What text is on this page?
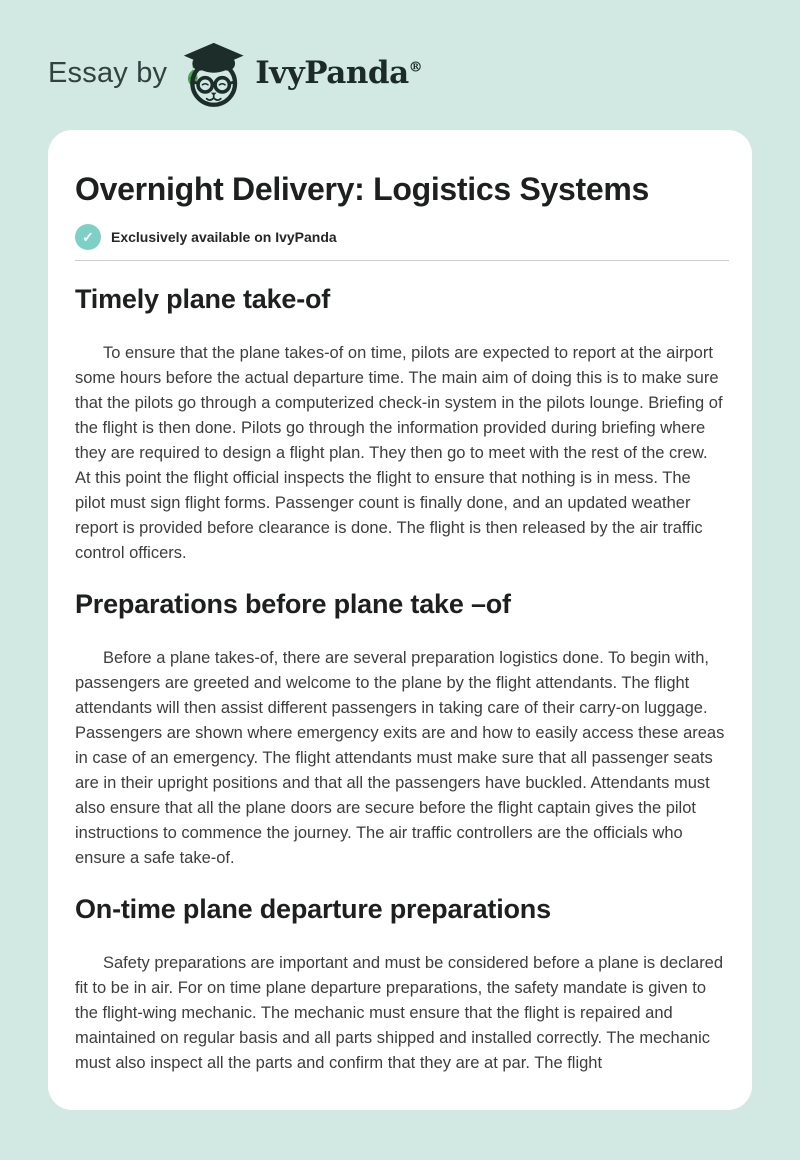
Essay by	IvyPanda®
Overnight Delivery: Logistics Systems
✓	Exclusively available on IvyPanda
Timely plane take-of

To ensure that the plane takes-of on time, pilots are expected to report at the airport some hours before the actual departure time. The main aim of doing this is to make sure that the pilots go through a computerized check-in system in the pilots lounge. Briefing of the flight is then done. Pilots go through the information provided during briefing where they are required to design a flight plan. They then go to meet with the rest of the crew. At this point the flight official inspects the flight to ensure that nothing is in mess. The pilot must sign flight forms. Passenger count is finally done, and an updated weather report is provided before clearance is done. The flight is then released by the air traffic control officers.

Preparations before plane take –of

Before a plane takes-of, there are several preparation logistics done. To begin with, passengers are greeted and welcome to the plane by the flight attendants. The flight attendants will then assist different passengers in taking care of their carry-on luggage. Passengers are shown where emergency exits are and how to easily access these areas in case of an emergency. The flight attendants must make sure that all passenger seats are in their upright positions and that all the passengers have buckled. Attendants must also ensure that all the plane doors are secure before the flight captain gives the pilot instructions to commence the journey. The air traffic controllers are the officials who ensure a safe take-of.

On-time plane departure preparations

Safety preparations are important and must be considered before a plane is declared fit to be in air. For on time plane departure preparations, the safety mandate is given to the flight-wing mechanic. The mechanic must ensure that the flight is repaired and maintained on regular basis and all parts shipped and installed correctly. The mechanic must also inspect all the parts and confirm that they are at par. The flight
